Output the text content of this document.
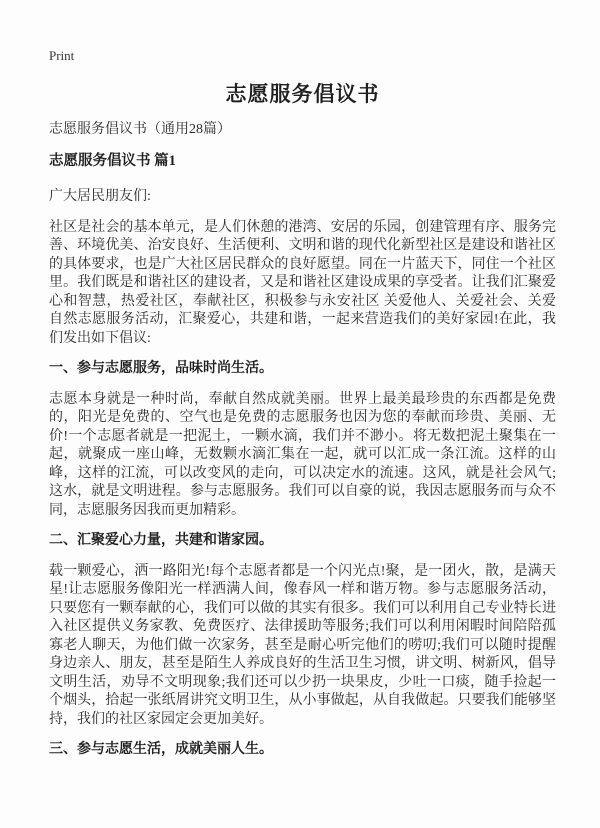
Print
志愿服务倡议书

志愿服务倡议书（通用28篇）

志愿服务倡议书 篇1

广大居民朋友们:

社区是社会的基本单元，是人们休憩的港湾、安居的乐园，创建管理有序、服务完善、环境优美、治安良好、生活便利、文明和谐的现代化新型社区是建设和谐社区的具体要求，也是广大社区居民群众的良好愿望。同在一片蓝天下，同住一个社区里。我们既是和谐社区的建设者，又是和谐社区建设成果的享受者。让我们汇聚爱心和智慧，热爱社区，奉献社区，积极参与永安社区 关爱他人、关爱社会、关爱自然志愿服务活动，汇聚爱心，共建和谐，一起来营造我们的美好家园!在此，我们发出如下倡议:

一、参与志愿服务，品味时尚生活。

志愿本身就是一种时尚，奉献自然成就美丽。世界上最美最珍贵的东西都是免费的，阳光是免费的、空气也是免费的志愿服务也因为您的奉献而珍贵、美丽、无价!一个志愿者就是一把泥土，一颗水滴，我们并不渺小。将无数把泥土聚集在一起，就聚成一座山峰，无数颗水滴汇集在一起，就可以汇成一条江流。这样的山峰，这样的江流，可以改变风的走向，可以决定水的流速。这风，就是社会风气;这水，就是文明进程。参与志愿服务。我们可以自豪的说，我因志愿服务而与众不同，志愿服务因我而更加精彩。

二、汇聚爱心力量，共建和谐家园。

载一颗爱心，洒一路阳光!每个志愿者都是一个闪光点!聚，是一团火，散，是满天星!让志愿服务像阳光一样洒满人间，像春风一样和谐万物。参与志愿服务活动，只要您有一颗奉献的心，我们可以做的其实有很多。我们可以利用自己专业特长进入社区提供义务家教、免费医疗、法律援助等服务;我们可以利用闲暇时间陪陪孤寡老人聊天，为他们做一次家务，甚至是耐心听完他们的唠叨;我们可以随时提醒身边亲人、朋友，甚至是陌生人养成良好的生活卫生习惯，讲文明、树新风，倡导文明生活，劝导不文明现象;我们还可以少扔一块果皮，少吐一口痰，随手捡起一个烟头，拾起一张纸屑讲究文明卫生，从小事做起，从自我做起。只要我们能够坚持，我们的社区家园定会更加美好。

三、参与志愿生活，成就美丽人生。
